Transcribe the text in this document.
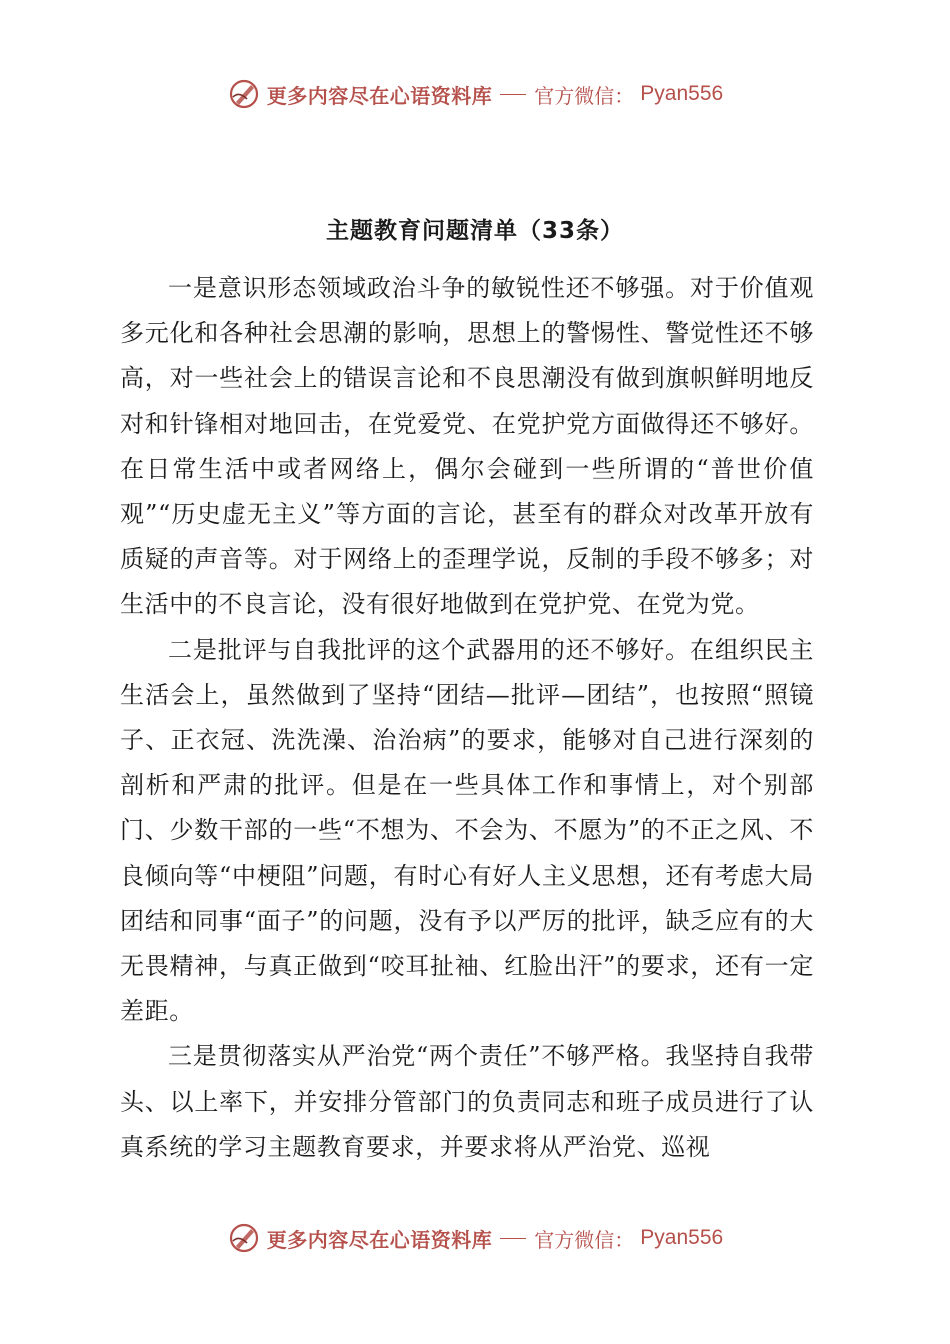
更多内容尽在心语资料库 官方微信： Pyan556
主题教育问题清单（33条）

一是意识形态领域政治斗争的敏锐性还不够强。对于价值观多元化和各种社会思潮的影响，思想上的警惕性、警觉性还不够高，对一些社会上的错误言论和不良思潮没有做到旗帜鲜明地反对和针锋相对地回击，在党爱党、在党护党方面做得还不够好。在日常生活中或者网络上，偶尔会碰到一些所谓的“普世价值观”“历史虚无主义”等方面的言论，甚至有的群众对改革开放有质疑的声音等。对于网络上的歪理学说，反制的手段不够多；对生活中的不良言论，没有很好地做到在党护党、在党为党。

二是批评与自我批评的这个武器用的还不够好。在组织民主生活会上，虽然做到了坚持“团结—批评—团结”，也按照“照镜子、正衣冠、洗洗澡、治治病”的要求，能够对自己进行深刻的剖析和严肃的批评。但是在一些具体工作和事情上，对个别部门、少数干部的一些“不想为、不会为、不愿为”的不正之风、不良倾向等“中梗阻”问题，有时心有好人主义思想，还有考虑大局团结和同事“面子”的问题，没有予以严厉的批评，缺乏应有的大无畏精神，与真正做到“咬耳扯袖、红脸出汗”的要求，还有一定差距。

三是贯彻落实从严治党“两个责任”不够严格。我坚持自我带头、以上率下，并安排分管部门的负责同志和班子成员进行了认真系统的学习主题教育要求，并要求将从严治党、巡视

更多内容尽在心语资料库 官方微信： Pyan556
